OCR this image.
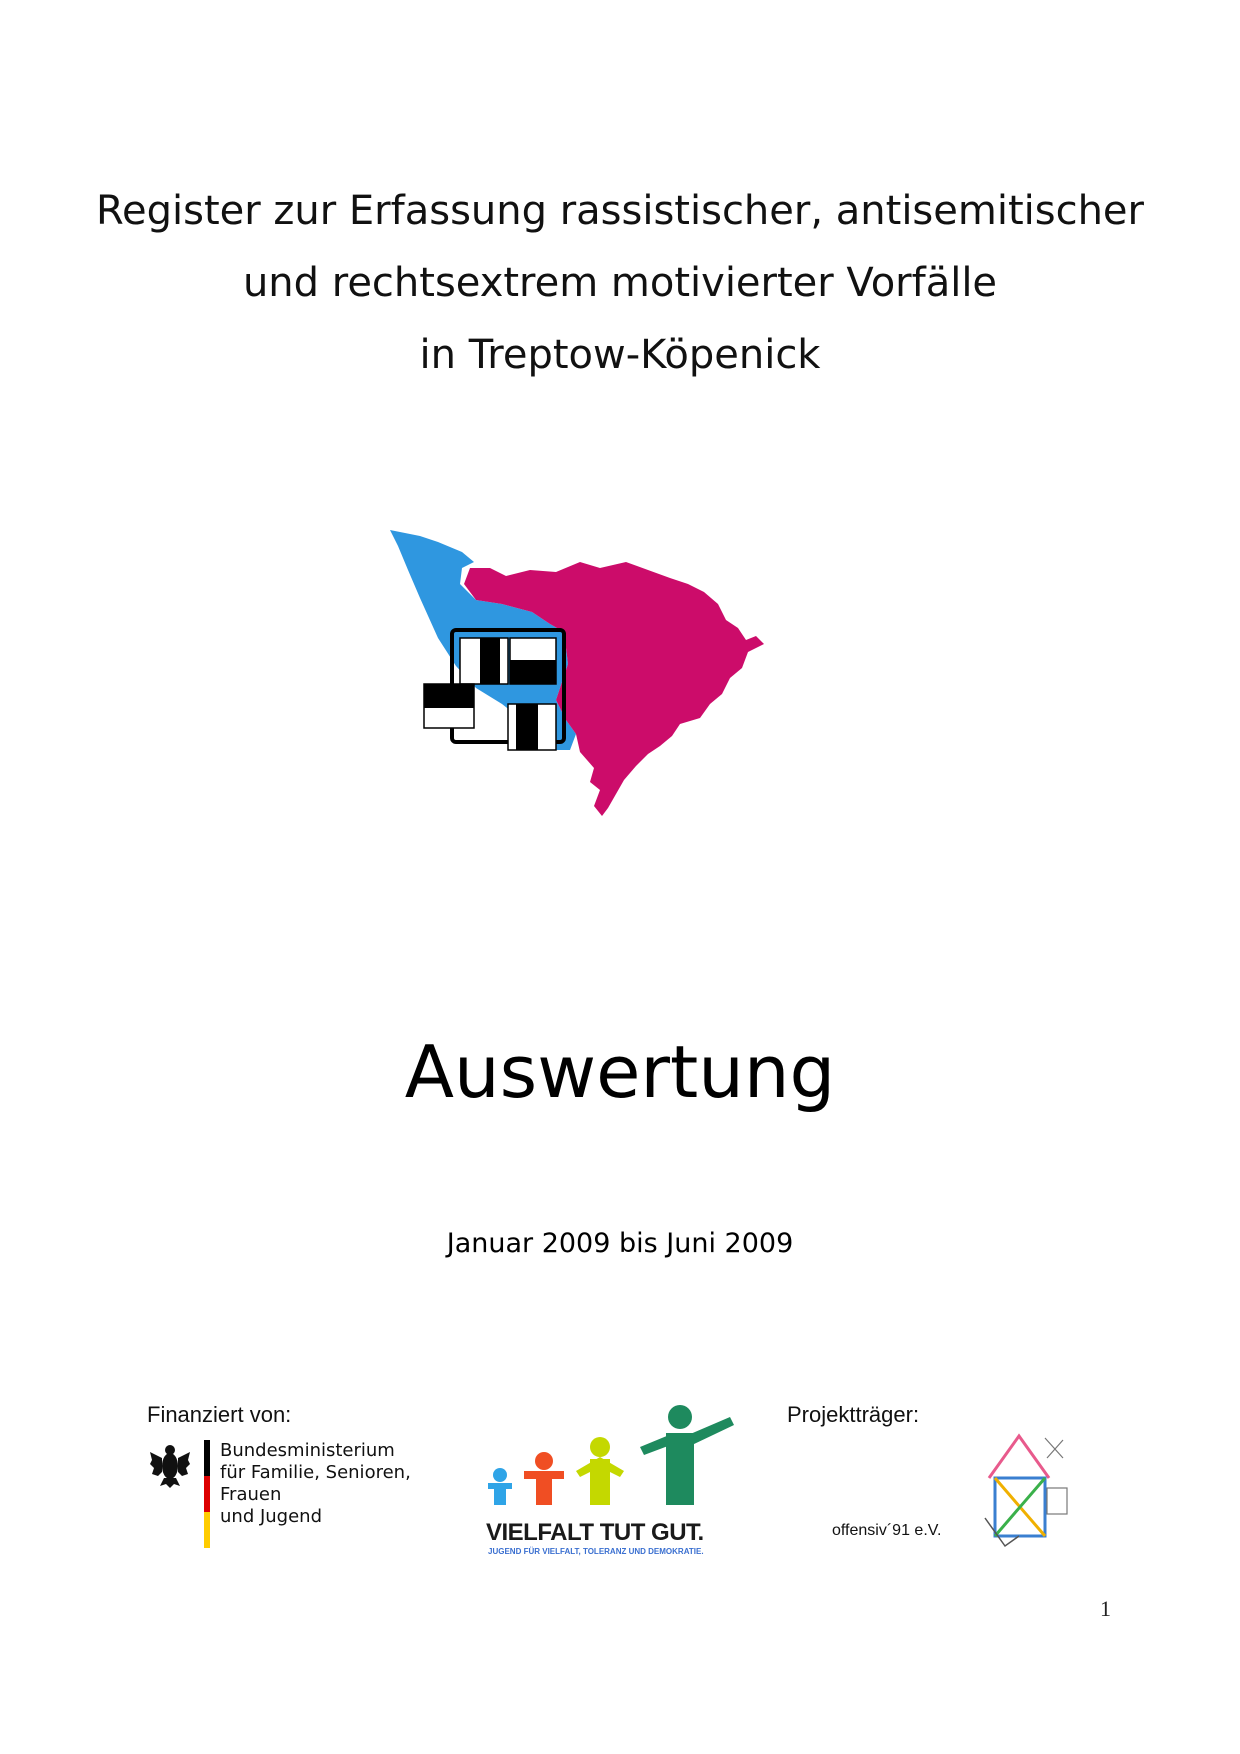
Register zur Erfassung rassistischer, antisemitischer
und rechtsextrem motivierter Vorfälle
in Treptow-Köpenick
Auswertung
Januar 2009 bis Juni 2009
Finanziert von:
Bundesministerium
für Familie, Senioren, Frauen
und Jugend
VIELFALT TUT GUT.
JUGEND FÜR VIELFALT, TOLERANZ UND DEMOKRATIE.
Projektträger:
offensiv´91 e.V.
1
